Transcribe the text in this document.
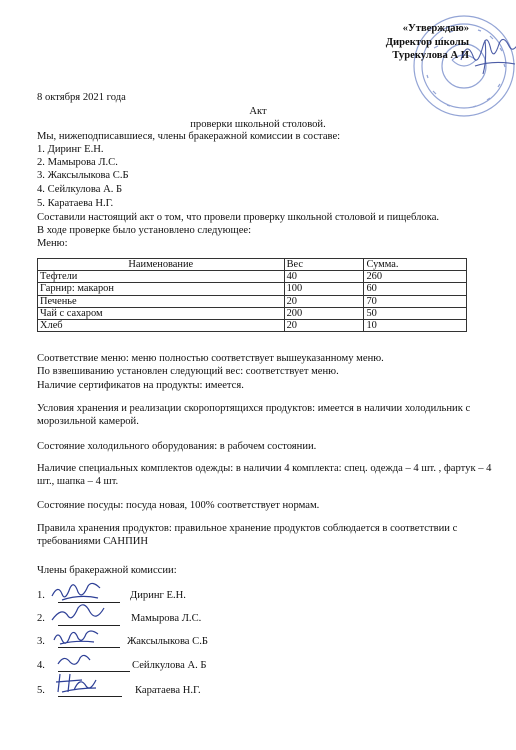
«Утверждаю»
Директор школы
Турекулова А И
8 октября 2021 года
Акт
проверки школьной столовой.
Мы, нижеподписавшиеся, члены бракеражной комиссии в составе:
1. Диринг Е.Н.
2. Мамырова Л.С.
3. Жаксылыкова С.Б
4. Сейлкулова А. Б
5. Каратаева Н.Г.
Составили настоящий акт о том, что провели проверку школьной столовой и пищеблока.
В ходе проверке было установлено следующее:
Меню:
Наименование	Вес	Сумма.
Тефтели	40	260
Гарнир: макарон	100	60
Печенье	20	70
Чай с сахаром	200	50
Хлеб	20	10
Соответствие меню: меню полностью соответствует вышеуказанному меню.
По взвешиванию установлен следующий вес: соответствует меню.
Наличие сертификатов на продукты: имеется.
Условия хранения и реализации скоропортящихся продуктов: имеется в наличии холодильник с морозильной камерой.
Состояние холодильного оборудования: в рабочем состоянии.
Наличие специальных комплектов одежды: в наличии 4 комплекта: спец. одежда – 4 шт. , фартук – 4 шт., шапка – 4 шт.
Состояние посуды: посуда новая, 100% соответствует нормам.
Правила хранения продуктов: правильное хранение продуктов соблюдается в соответствии с требованиями САНПИН
Члены бракеражной комиссии:
1.	Диринг Е.Н.
2.	Мамырова Л.С.
3.	Жаксылыкова С.Б
4.	Сейлкулова А. Б
5.	Каратаева Н.Г.
